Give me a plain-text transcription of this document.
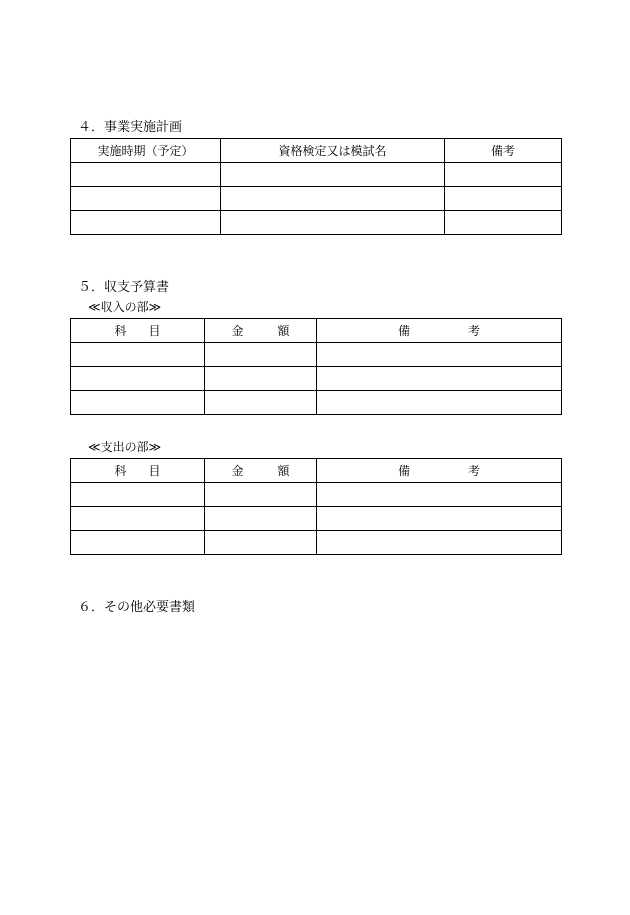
４．事業実施計画
実施時期（予定）	資格検定又は模試名	備考

５．収支予算書
≪収入の部≫
科 目	金 額	備 考

≪支出の部≫
科 目	金 額	備 考

６．その他必要書類
